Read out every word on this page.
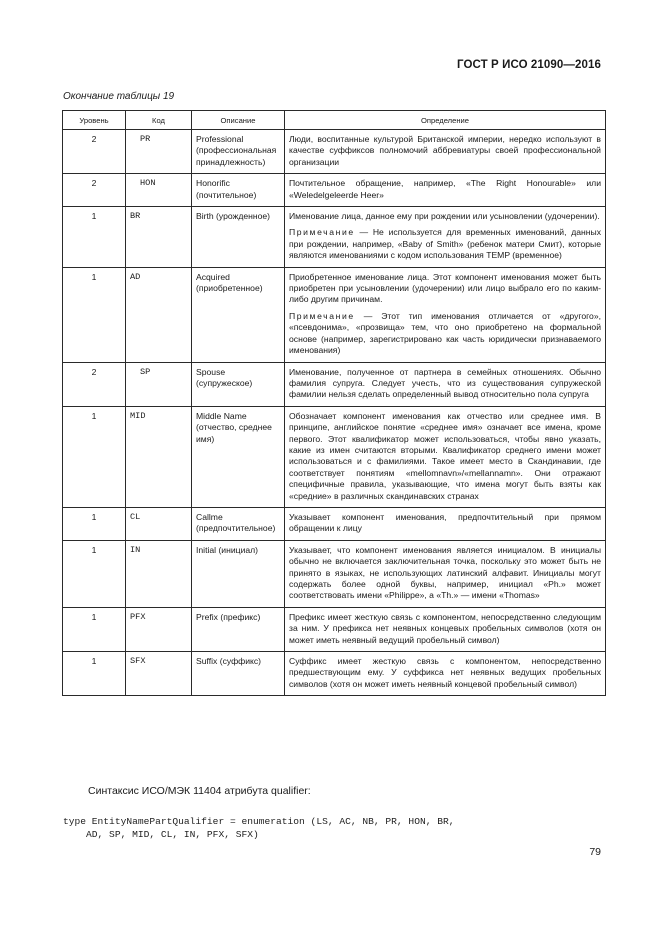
ГОСТ Р ИСО 21090—2016
Окончание таблицы 19
Уровень	Код	Описание	Определение
2	PR	Professional (профессиональная принадлежность)	Люди, воспитанные культурой Британской империи, нередко используют в качестве суффиксов полномочий аббревиатуры своей профессиональной организации

2	HON	Honorific (почтительное)	Почтительное обращение, например, «The Right Honourable» или «Weledelgeleerde Heer»

1	BR	Birth (урожденное)	Именование лица, данное ему при рождении или усыновлении (удочерении).

Примечание — Не используется для временных именований, данных при рождении, например, «Baby of Smith» (ребенок матери Смит), которые являются именованиями с кодом использования TEMP (временное)

1	AD	Acquired (приобретенное)	Приобретенное именование лица. Этот компонент именования может быть приобретен при усыновлении (удочерении) или лицо выбрало его по каким-либо другим причинам.

Примечание — Этот тип именования отличается от «другого», «псевдонима», «прозвища» тем, что оно приобретено на формальной основе (например, зарегистрировано как часть юридически признаваемого именования)

2	SP	Spouse (супружеское)	Именование, полученное от партнера в семейных отношениях. Обычно фамилия супруга. Следует учесть, что из существования супружеской фамилии нельзя сделать определенный вывод относительно пола супруга

1	MID	Middle Name (отчество, среднее имя)	Обозначает компонент именования как отчество или среднее имя. В принципе, английское понятие «среднее имя» означает все имена, кроме первого. Этот квалификатор может использоваться, чтобы явно указать, какие из имен считаются вторыми. Квалификатор среднего имени может использоваться и с фамилиями. Такое имеет место в Скандинавии, где соответствует понятиям «mellomnavn»/«mellannamn». Они отражают специфичные правила, указывающие, что имена могут быть взяты как «средние» в различных скандинавских странах

1	CL	Callme (предпочтительное)	Указывает компонент именования, предпочтительный при прямом обращении к лицу

1	IN	Initial (инициал)	Указывает, что компонент именования является инициалом. В инициалы обычно не включается заключительная точка, поскольку это может быть не принято в языках, не использующих латинский алфавит. Инициалы могут содержать более одной буквы, например, инициал «Ph.» может соответствовать имени «Philippe», а «Th.» — имени «Thomas»

1	PFX	Prefix (префикс)	Префикс имеет жесткую связь с компонентом, непосредственно следующим за ним. У префикса нет неявных концевых пробельных символов (хотя он может иметь неявный ведущий пробельный символ)

1	SFX	Suffix (суффикс)	Суффикс имеет жесткую связь с компонентом, непосредственно предшествующим ему. У суффикса нет неявных ведущих пробельных символов (хотя он может иметь неявный концевой пробельный символ)

Синтаксис ИСО/МЭК 11404 атрибута qualifier:
type EntityNamePartQualifier = enumeration (LS, AC, NB, PR, HON, BR,
AD, SP, MID, CL, IN, PFX, SFX)
79
